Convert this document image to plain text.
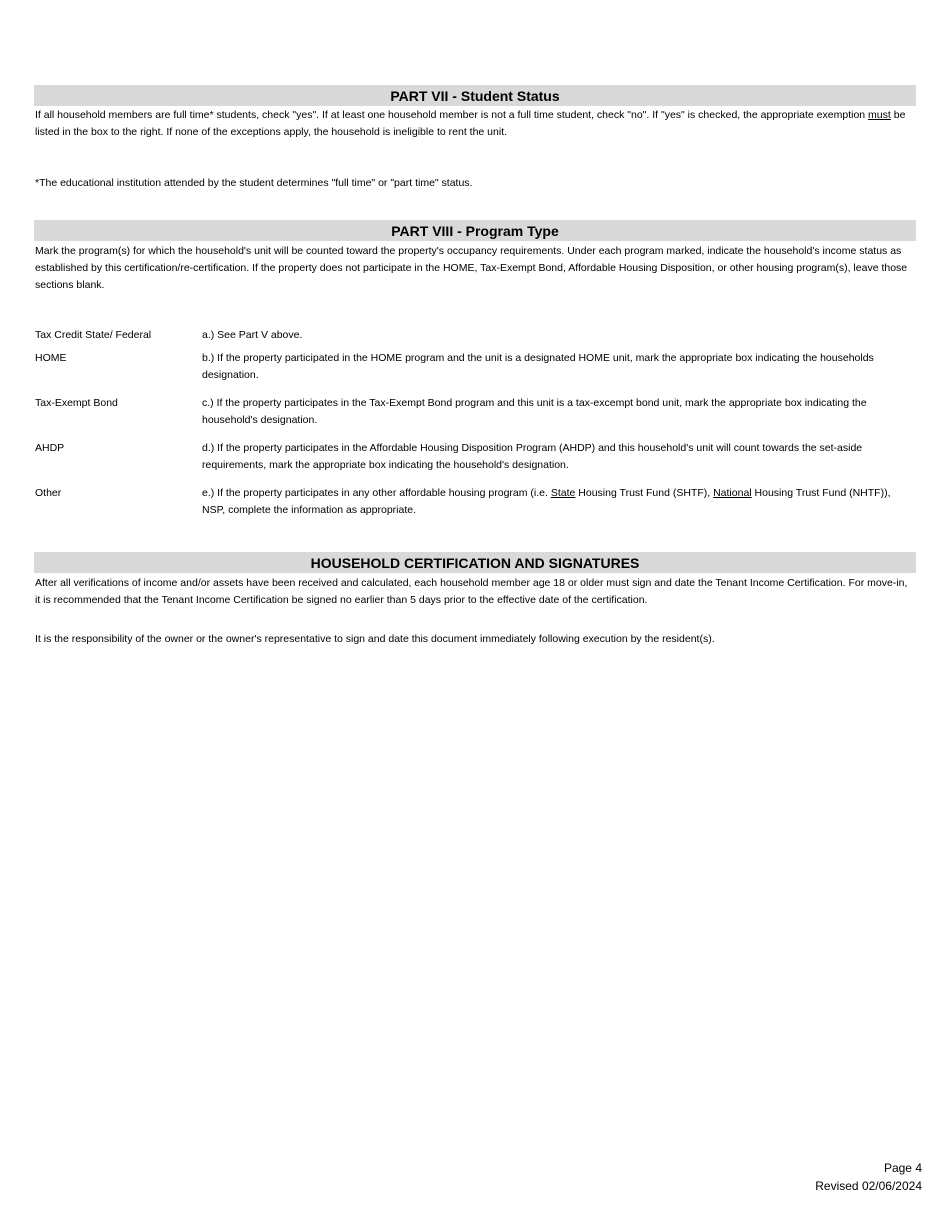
PART VII - Student Status
If all household members are full time* students, check "yes". If at least one household member is not a full time student, check "no". If "yes" is checked, the appropriate exemption must be listed in the box to the right. If none of the exceptions apply, the household is ineligible to rent the unit.
*The educational institution attended by the student determines "full time" or "part time" status.
PART VIII - Program Type
Mark the program(s) for which the household's unit will be counted toward the property's occupancy requirements. Under each program marked, indicate the household's income status as established by this certification/re-certification. If the property does not participate in the HOME, Tax-Exempt Bond, Affordable Housing Disposition, or other housing program(s), leave those sections blank.
Tax Credit State/ Federal	a.) See Part V above.
HOME	b.) If the property participated in the HOME program and the unit is a designated HOME unit, mark the appropriate box indicating the households designation.
Tax-Exempt Bond	c.) If the property participates in the Tax-Exempt Bond program and this unit is a tax-excempt bond unit, mark the appropriate box indicating the household's designation.
AHDP	d.) If the property participates in the Affordable Housing Disposition Program (AHDP) and this household's unit will count towards the set-aside requirements, mark the appropriate box indicating the household's designation.
Other	e.) If the property participates in any other affordable housing program (i.e. State Housing Trust Fund (SHTF), National Housing Trust Fund (NHTF)), NSP, complete the information as appropriate.
HOUSEHOLD CERTIFICATION AND SIGNATURES
After all verifications of income and/or assets have been received and calculated, each household member age 18 or older must sign and date the Tenant Income Certification. For move-in, it is recommended that the Tenant Income Certification be signed no earlier than 5 days prior to the effective date of the certification.
It is the responsibility of the owner or the owner's representative to sign and date this document immediately following execution by the resident(s).
Page 4
Revised 02/06/2024
